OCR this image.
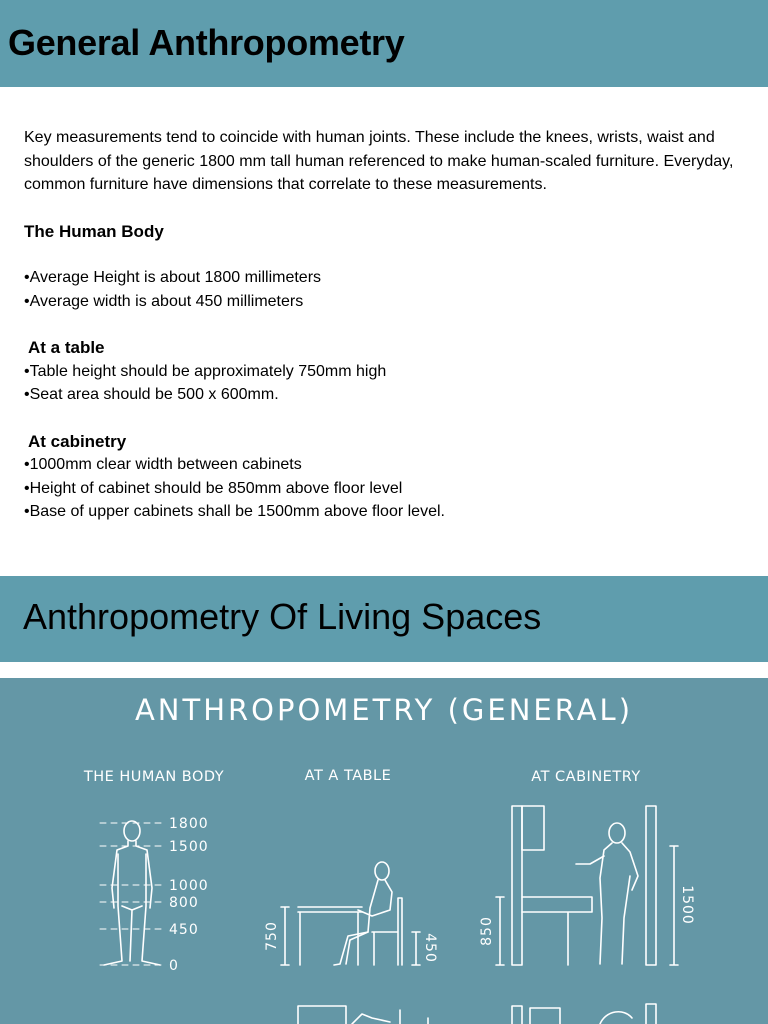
General Anthropometry

Key measurements tend to coincide with human joints. These include the knees, wrists, waist and shoulders of the generic 1800 mm tall human referenced to make human-scaled furniture. Everyday, common furniture have dimensions that correlate to these measurements.

The Human Body

•Average Height is about 1800 millimeters

•Average width is about 450 millimeters

At a table

•Table height should be approximately 750mm high

•Seat area should be 500 x 600mm.

At cabinetry

•1000mm clear width between cabinets

•Height of cabinet should be 850mm above floor level

•Base of upper cabinets shall be 1500mm above floor level.

Anthropometry Of Living Spaces
ANTHROPOMETRY (GENERAL)
THE HUMAN BODY	AT A TABLE	AT CABINETRY
1800
1500
1000
800
450
0
750	450
850
1500
